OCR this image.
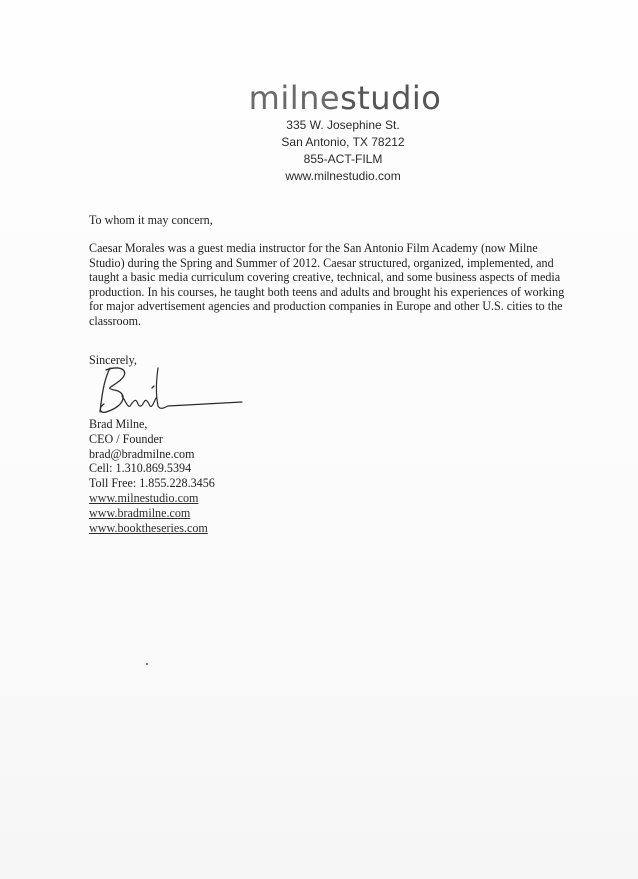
milnestudio
335 W. Josephine St.
San Antonio, TX 78212
855-ACT-FILM
www.milnestudio.com
To whom it may concern,
Caesar Morales was a guest media instructor for the San Antonio Film Academy (now Milne Studio) during the Spring and Summer of 2012. Caesar structured, organized, implemented, and taught a basic media curriculum covering creative, technical, and some business aspects of media production. In his courses, he taught both teens and adults and brought his experiences of working for major advertisement agencies and production companies in Europe and other U.S. cities to the classroom.
Sincerely,
Brad Milne,
CEO / Founder
brad@bradmilne.com
Cell: 1.310.869.5394
Toll Free: 1.855.228.3456
www.milnestudio.com
www.bradmilne.com
www.booktheseries.com
